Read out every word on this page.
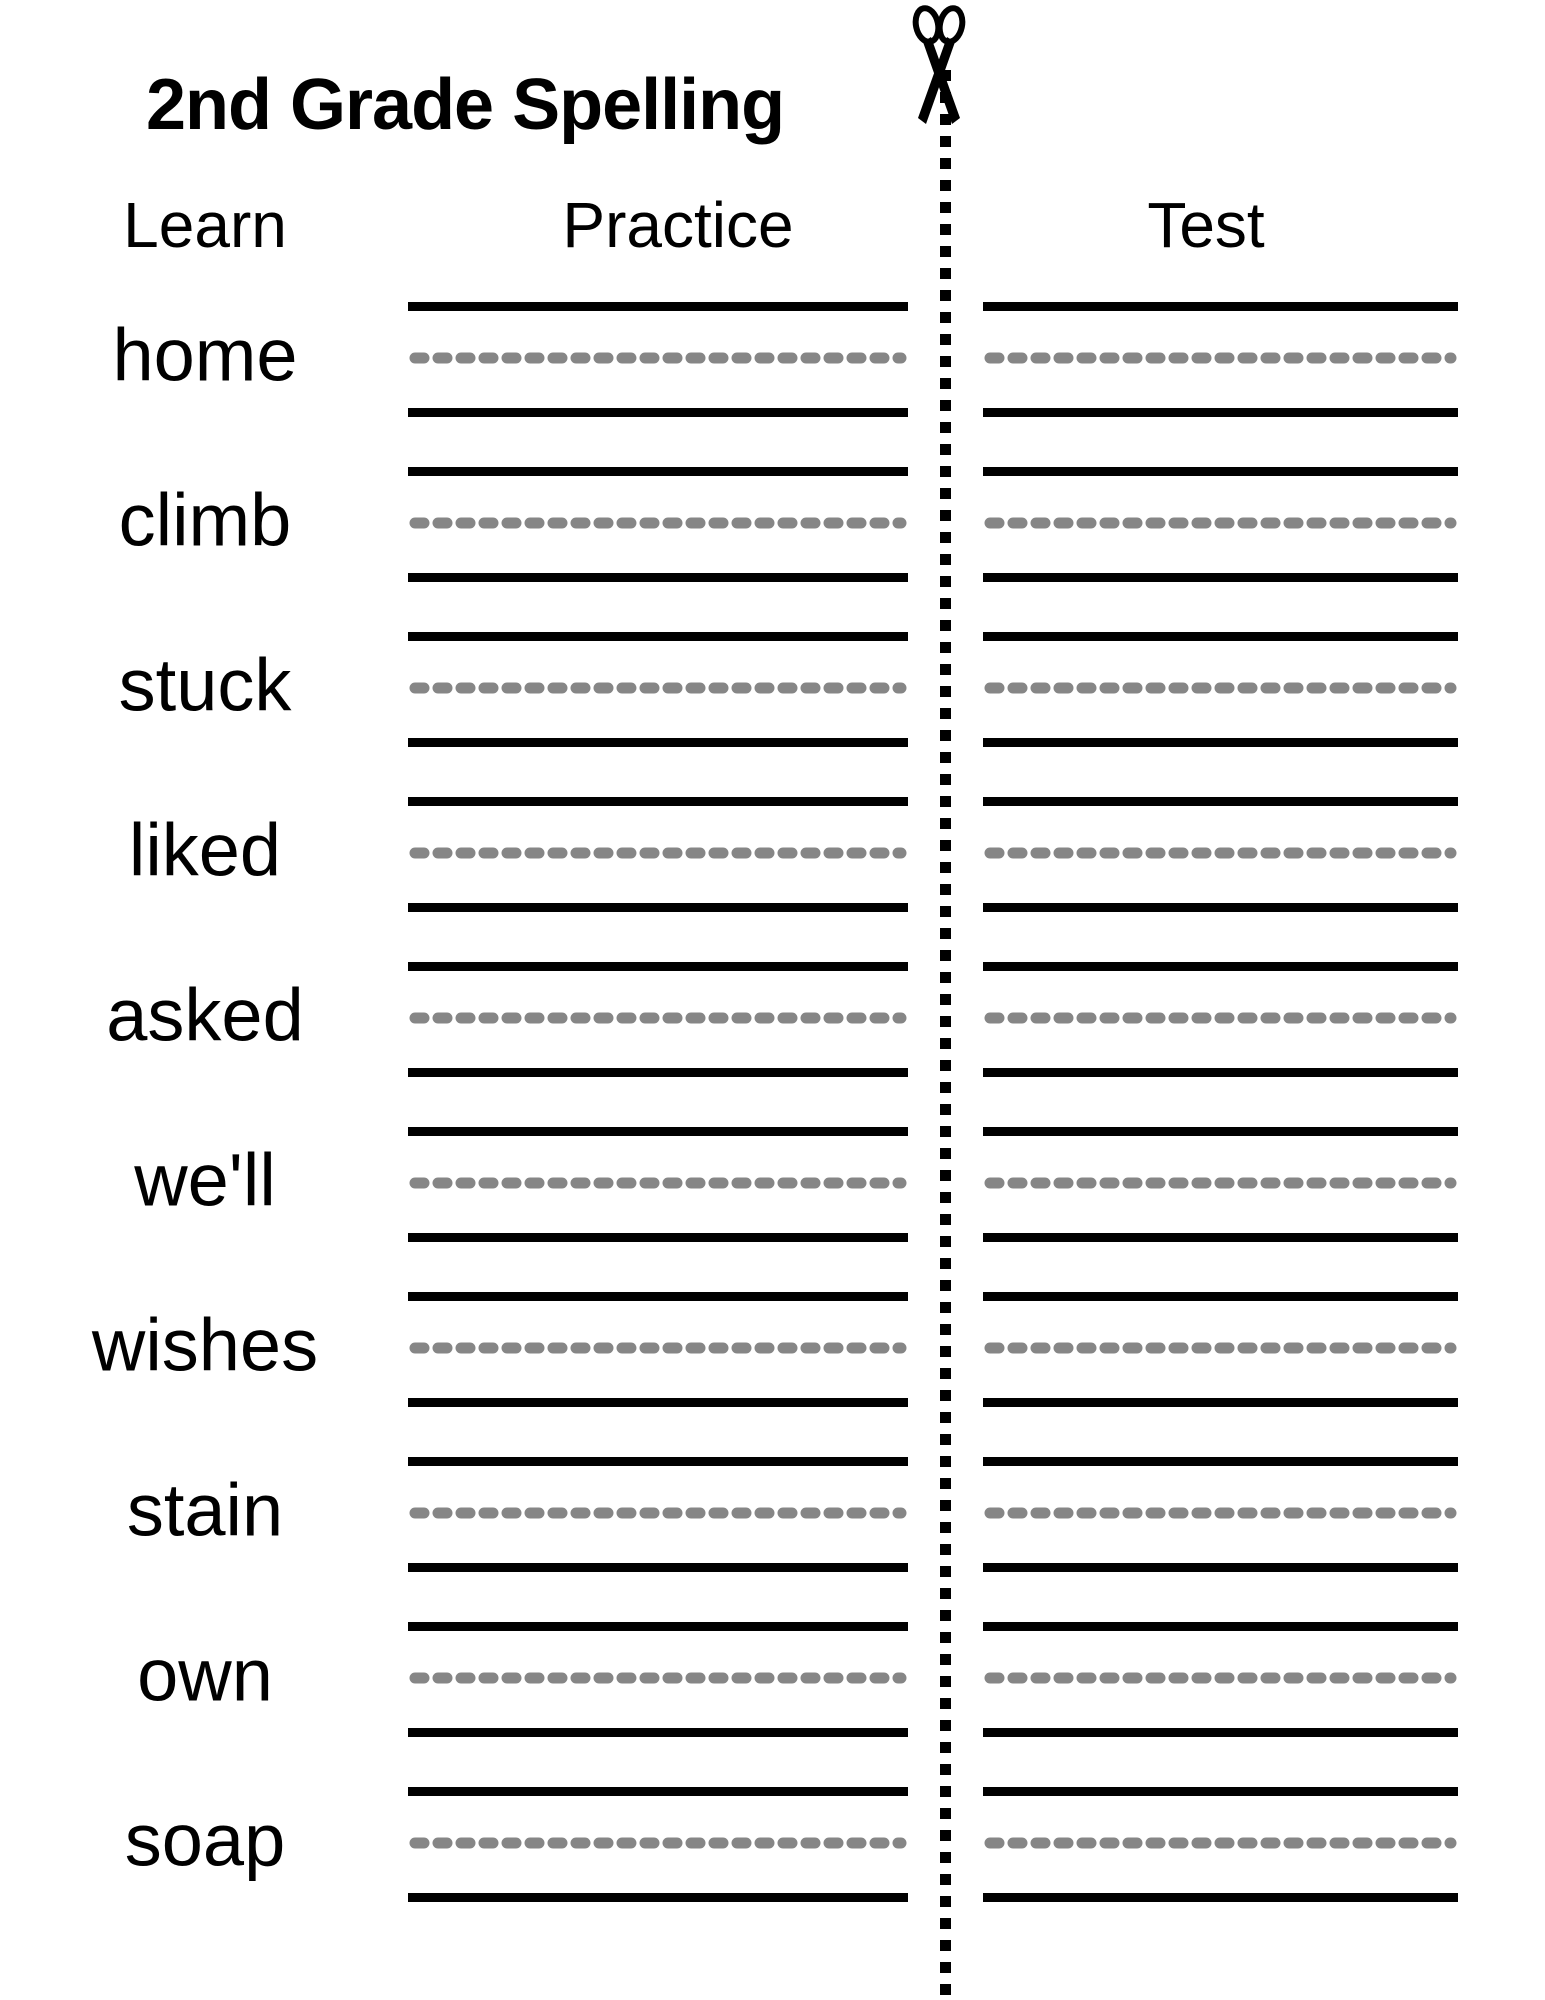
2nd Grade Spelling
Learn	Practice	Test
home
climb
stuck
liked
asked
we'll
wishes
stain
own
soap
